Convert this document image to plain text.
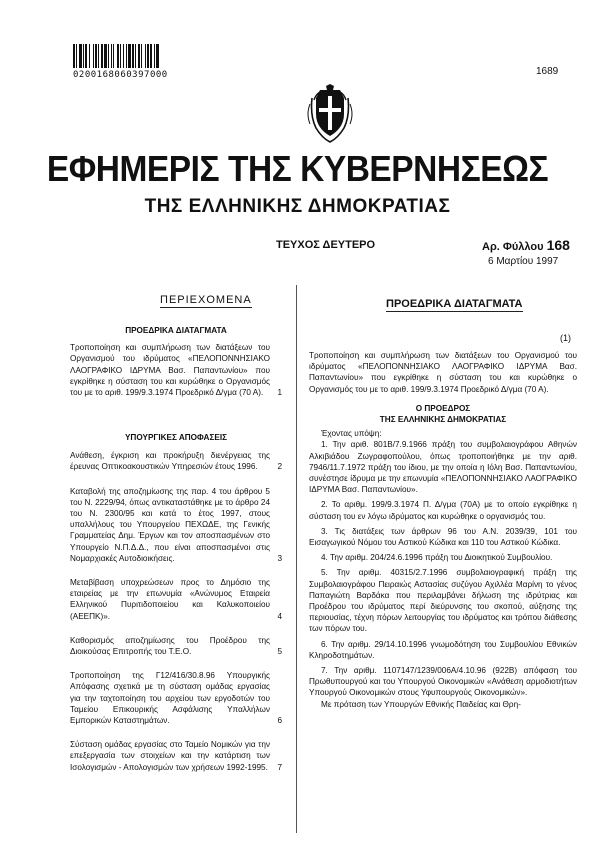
0200168060397000	1689
ΕΦΗΜΕΡΙΣ ΤΗΣ ΚΥΒΕΡΝΗΣΕΩΣ
ΤΗΣ ΕΛΛΗΝΙΚΗΣ ΔΗΜΟΚΡΑΤΙΑΣ
ΤΕΥΧΟΣ ΔΕΥΤΕΡΟ	Αρ. Φύλλου 168
6 Μαρτίου 1997
ΠΕΡΙΕΧΟΜΕΝΑ
ΠΡΟΕΔΡΙΚΑ ΔΙΑΤΑΓΜΑΤΑ
Τροποποίηση και συμπλήρωση των διατάξεων του Οργανισμού του ιδρύματος «ΠΕΛΟΠΟΝΝΗΣΙΑΚΟ ΛΑΟΓΡΑΦΙΚΟ ΙΔΡΥΜΑ Βασ. Παπαντωνίου» που εγκρίθηκε η σύσταση του και κυρώθηκε ο Οργανισμός του με το αριθ. 199/9.3.1974 Προεδρικό Δ/γμα (70 Α). 1
ΥΠΟΥΡΓΙΚΕΣ ΑΠΟΦΑΣΕΙΣ
Ανάθεση, έγκριση και προκήρυξη διενέργειας της έρευνας Οπτικοακουστικών Υπηρεσιών έτους 1996. 2
Καταβολή της αποζημίωσης της παρ. 4 του άρθρου 5 του Ν. 2229/94, όπως αντικαταστάθηκε με το άρθρο 24 του Ν. 2300/95 και κατά το έτος 1997, στους υπαλλήλους του Υπουργείου ΠΕΧΩΔΕ, της Γενικής Γραμματείας Δημ. Έργων και τον αποσπασμένων στο Υπουργείο Ν.Π.Δ.Δ., που είναι αποσπασμένοι στις Νομαρχιακές Αυτοδιοικήσεις.	3
Μεταβίβαση υποχρεώσεων προς το Δημόσιο της εταιρείας με την επωνυμία «Ανώνυμος Εταιρεία Ελληνικού Πυριτιδοποιείου και Καλυκοποιείου (ΑΕΕΠΚ)».	4
Καθορισμός αποζημίωσης του Προέδρου της Διοικούσας Επιτροπής του Τ.Ε.Ο.	5
Τροποποίηση της Γ12/416/30.8.96 Υπουργικής Απόφασης σχετικά με τη σύσταση ομάδας εργασίας για την ταχτοποίηση του αρχείου των εργοδοτών του Ταμείου Επικουρικής Ασφάλισης Υπαλλήλων Εμπορικών Καταστημάτων.	6
Σύσταση ομάδας εργασίας στο Ταμείο Νομικών για την επεξεργασία των στοιχείων και την κατάρτιση των Ισολογισμών - Απολογισμών των χρήσεων 1992-1995. 7
ΠΡΟΕΔΡΙΚΑ ΔΙΑΤΑΓΜΑΤΑ
(1)
Τροποποίηση και συμπλήρωση των διατάξεων του Οργανισμού του ιδρύματος «ΠΕΛΟΠΟΝΝΗΣΙΑΚΟ ΛΑΟΓΡΑΦΙΚΟ ΙΔΡΥΜΑ Βασ. Παπαντωνίου» που εγκρίθηκε η σύσταση του και κυρώθηκε ο Οργανισμός του με το αριθ. 199/9.3.1974 Προεδρικό Δ/γμα (70 Α).
Ο ΠΡΟΕΔΡΟΣ
ΤΗΣ ΕΛΛΗΝΙΚΗΣ ΔΗΜΟΚΡΑΤΙΑΣ
Έχοντας υπόψη:
1. Την αριθ. 801Β/7.9.1966 πράξη του συμβολαιογράφου Αθηνών Αλκιβιάδου Ζωγραφοπούλου, όπως τροποποιήθηκε με την αριθ. 7946/11.7.1972 πράξη του ίδιου, με την οποία η Ιόλη Βασ. Παπαντωνίου, συνέστησε ίδρυμα με την επωνυμία «ΠΕΛΟΠΟΝΝΗΣΙΑΚΟ ΛΑΟΓΡΑΦΙΚΟ ΙΔΡΥΜΑ Βασ. Παπαντωνίου».
2. Το αριθμ. 199/9.3.1974 Π. Δ/γμα (70Α) με το οποίο εγκρίθηκε η σύσταση του εν λόγω ιδρύματος και κυρώθηκε ο οργανισμός του.
3. Τις διατάξεις των άρθρων 96 του Α.Ν. 2039/39, 101 του Εισαγωγικού Νόμου του Αστικού Κώδικα και 110 του Αστικού Κώδικα.
4. Την αριθμ. 204/24.6.1996 πράξη του Διοικητικού Συμβουλίου.
5. Την αριθμ. 40315/2.7.1996 συμβολαιογραφική πράξη της Συμβολαιογράφου Πειραιώς Αστασίας συζύγου Αχιλλέα Μαρίνη το γένος Παπαγιώτη Βαρδάκα που περιλαμβάνει δήλωση της ιδρύτριας και Προέδρου του ιδρύματος περί διεύρυνσης του σκοπού, αύξησης της περιουσίας, τέχνη πόρων λειτουργίας του ιδρύματος και τρόπου διάθεσης των πόρων του.
6. Την αριθμ. 29/14.10.1996 γνωμοδότηση του Συμβουλίου Εθνικών Κληροδοτημάτων.
7. Την αριθμ. 1107147/1239/006Α/4.10.96 (922Β) απόφαση του Πρωθυπουργού και του Υπουργού Οικονομικών «Ανάθεση αρμοδιοτήτων Υπουργού Οικονομικών στους Υφυπουργούς Οικονομικών».
Με πρόταση των Υπουργών Εθνικής Παιδείας και Θρη-
